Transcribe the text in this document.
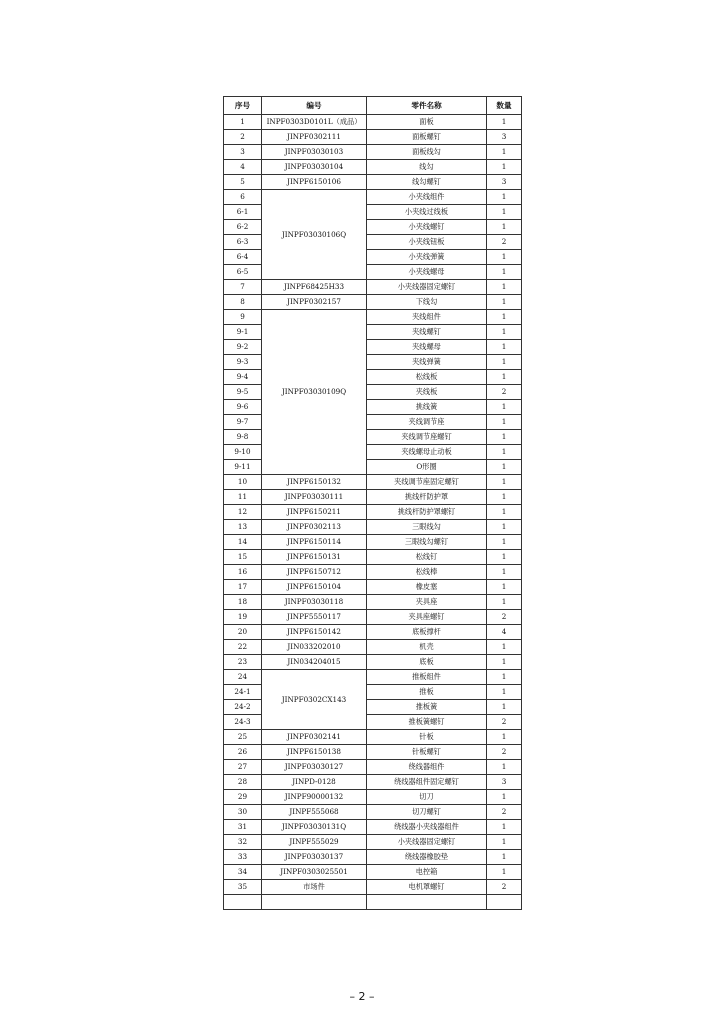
序号	编号	零件名称	数量
1	INPF0303D0101L（成品）	面板	1
2	JINPF0302111	面板螺钉	3
3	JINPF03030103	面板线勾	1
4	JINPF03030104	线勾	1
5	JINPF6150106	线勾螺钉	3
6	JINPF03030106Q	小夹线组件	1
6-1		小夹线过线板	1
6-2		小夹线螺钉	1
6-3		小夹线钮板	2
6-4		小夹线弹簧	1
6-5		小夹线螺母	1
7	JINPF68425H33	小夹线器固定螺钉	1
8	JINPF0302157	下线勾	1
9	JINPF03030109Q	夹线组件	1
9-1		夹线螺钉	1
9-2		夹线螺母	1
9-3		夹线弹簧	1
9-4		松线板	1
9-5		夹线板	2
9-6		挑线簧	1
9-7		夹线调节座	1
9-8		夹线调节座螺钉	1
9-10		夹线螺母止动板	1
9-11		O形圈	1
10	JINPF6150132	夹线调节座固定螺钉	1
11	JINPF03030111	挑线杆防护罩	1
12	JINPF6150211	挑线杆防护罩螺钉	1
13	JINPF0302113	三眼线勾	1
14	JINPF6150114	三眼线勾螺钉	1
15	JINPF6150131	松线钉	1
16	JINPF6150712	松线棒	1
17	JINPF6150104	橡皮塞	1
18	JINPF03030118	夹具座	1
19	JINPF5550117	夹具座螺钉	2
20	JINPF6150142	底板撑杆	4
22	JIN033202010	机壳	1
23	JIN034204015	底板	1
24	JINPF0302CX143	推板组件	1
24-1		推板	1
24-2		推板簧	1
24-3		推板簧螺钉	2
25	JINPF0302141	针板	1
26	JINPF6150138	针板螺钉	2
27	JINPF03030127	绕线器组件	1
28	JINPD-0128	绕线器组件固定螺钉	3
29	JINPF90000132	切刀	1
30	JINPF555068	切刀螺钉	2
31	JINPF03030131Q	绕线器小夹线器组件	1
32	JINPF555029	小夹线器固定螺钉	1
33	JINPF03030137	绕线器橡胶垫	1
34	JINPF0303025501	电控箱	1
35	市场件	电机罩螺钉	2

– 2 –
